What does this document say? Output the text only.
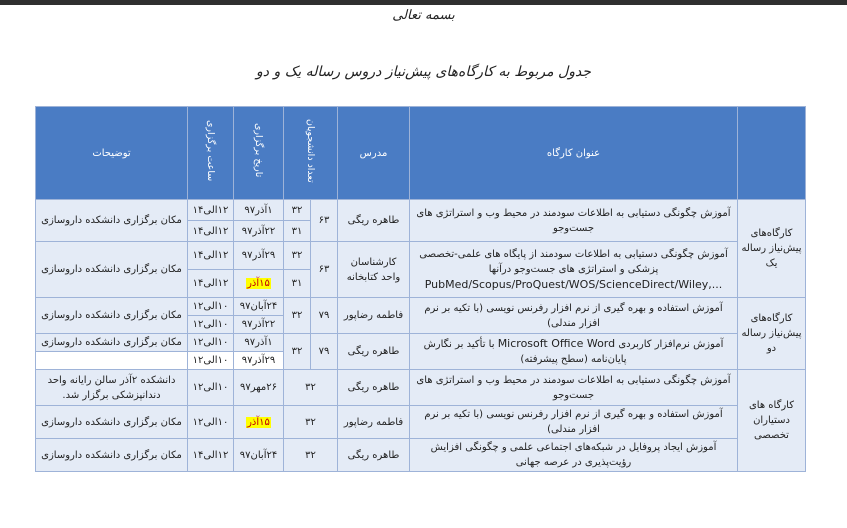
بسمه تعالی
جدول مربوط به کارگاه‌های پیش‌نیاز دروس رساله یک و دو
	عنوان کارگاه	مدرس	تعداد دانشجویان		تاریخ برگزاری	ساعت برگزاری	توضیحات
کارگاه‌های پیش‌نیاز رساله یک	آموزش چگونگی دستیابی به اطلاعات سودمند در محیط وب و استراتژی های جست‌وجو	طاهره ریگی	۶۳	۳۲	۱آذر۹۷	۱۲الی۱۴	مکان برگزاری دانشکده داروسازی
				۳۱	۲۲آذر۹۷	۱۲الی۱۴	

	آموزش چگونگی دستیابی به اطلاعات سودمند از پایگاه های علمی-تخصصی پزشکی و استراتژی های جست‌وجو درآنها
PubMed/Scopus/ProQuest/WOS/ScienceDirect/Wiley,...	کارشناسان واحد کتابخانه	۶۳	۳۲	۲۹آذر۹۷	۱۲الی۱۴	مکان برگزاری دانشکده داروسازی
				۳۱	۱۵آذر	۱۲الی۱۴	
کارگاه‌های پیش‌نیاز رساله دو	آموزش استفاده و بهره گیری از نرم افزار رفرنس نویسی (با تکیه بر نرم افزار مندلی)	فاطمه رضاپور	۷۹	۳۲	۲۴آبان۹۷	۱۰الی۱۲	مکان برگزاری دانشکده داروسازی
					۲۲آذر۹۷	۱۰الی۱۲	
	آموزش نرم‌افزار کاربردی Microsoft Office Word با تأکید بر نگارش پایان‌نامه (سطح پیشرفته)	طاهره ریگی	۷۹	۳۲	۱آذر۹۷	۱۰الی۱۲	مکان برگزاری دانشکده داروسازی
					۲۹آذر۹۷	۱۰الی۱۲	
کارگاه های دستیاران تخصصی	آموزش چگونگی دستیابی به اطلاعات سودمند در محیط وب و استراتژی های جست‌وجو	طاهره ریگی	۳۲		۲۶مهر۹۷	۱۰الی۱۲	دانشکده ۲آذر سالن رایانه واحد دندانپزشکی برگزار شد.
	آموزش استفاده و بهره گیری از نرم افزار رفرنس نویسی (با تکیه بر نرم افزار مندلی)	فاطمه رضاپور	۳۲		۱۵آذر	۱۰الی۱۲	مکان برگزاری دانشکده داروسازی
	آموزش ایجاد پروفایل در شبکه‌های اجتماعی علمی و چگونگی افزایش رؤیت‌پذیری در عرصه جهانی	طاهره ریگی	۳۲		۲۴آبان۹۷	۱۲الی۱۴	مکان برگزاری دانشکده داروسازی
